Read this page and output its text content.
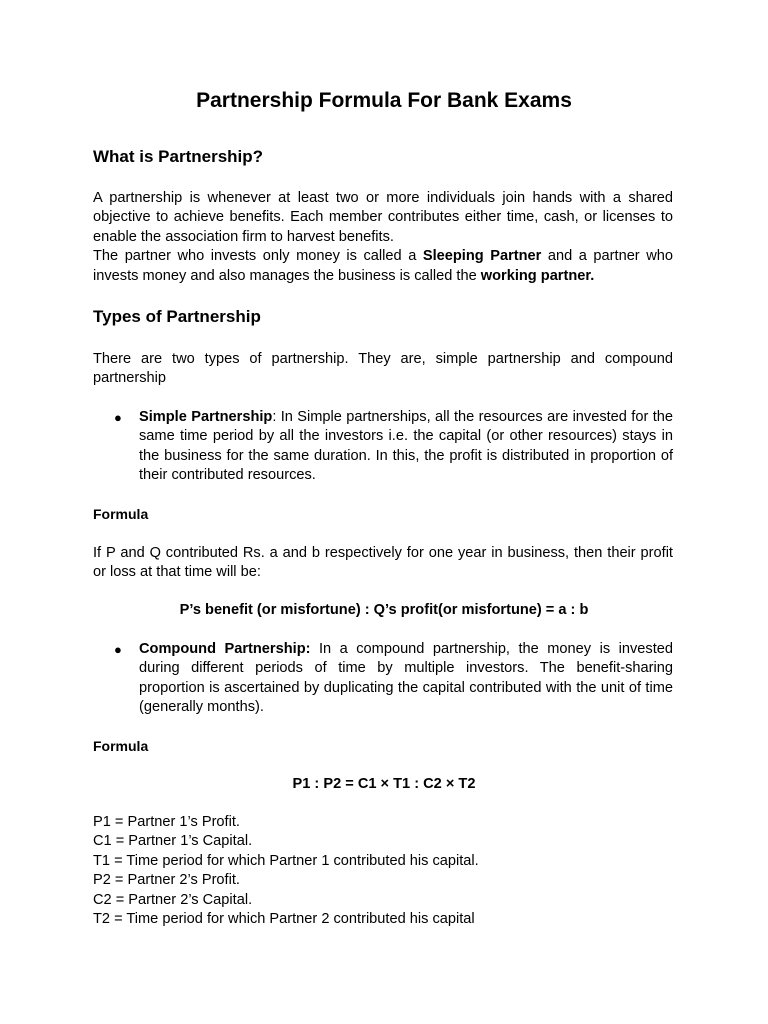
Partnership Formula For Bank Exams
What is Partnership?
A partnership is whenever at least two or more individuals join hands with a shared objective to achieve benefits. Each member contributes either time, cash, or licenses to enable the association firm to harvest benefits.
The partner who invests only money is called a Sleeping Partner and a partner who invests money and also manages the business is called the working partner.
Types of Partnership
There are two types of partnership. They are, simple partnership and compound partnership
● Simple Partnership: In Simple partnerships, all the resources are invested for the same time period by all the investors i.e. the capital (or other resources) stays in the business for the same duration. In this, the profit is distributed in proportion of their contributed resources.
Formula
If P and Q contributed Rs. a and b respectively for one year in business, then their profit or loss at that time will be:
P’s benefit (or misfortune) : Q’s profit(or misfortune) = a : b
● Compound Partnership: In a compound partnership, the money is invested during different periods of time by multiple investors. The benefit-sharing proportion is ascertained by duplicating the capital contributed with the unit of time (generally months).
Formula
P1 : P2 = C1 × T1 : C2 × T2
P1 = Partner 1’s Profit.
C1 = Partner 1’s Capital.
T1 = Time period for which Partner 1 contributed his capital.
P2 = Partner 2’s Profit.
C2 = Partner 2’s Capital.
T2 = Time period for which Partner 2 contributed his capital
